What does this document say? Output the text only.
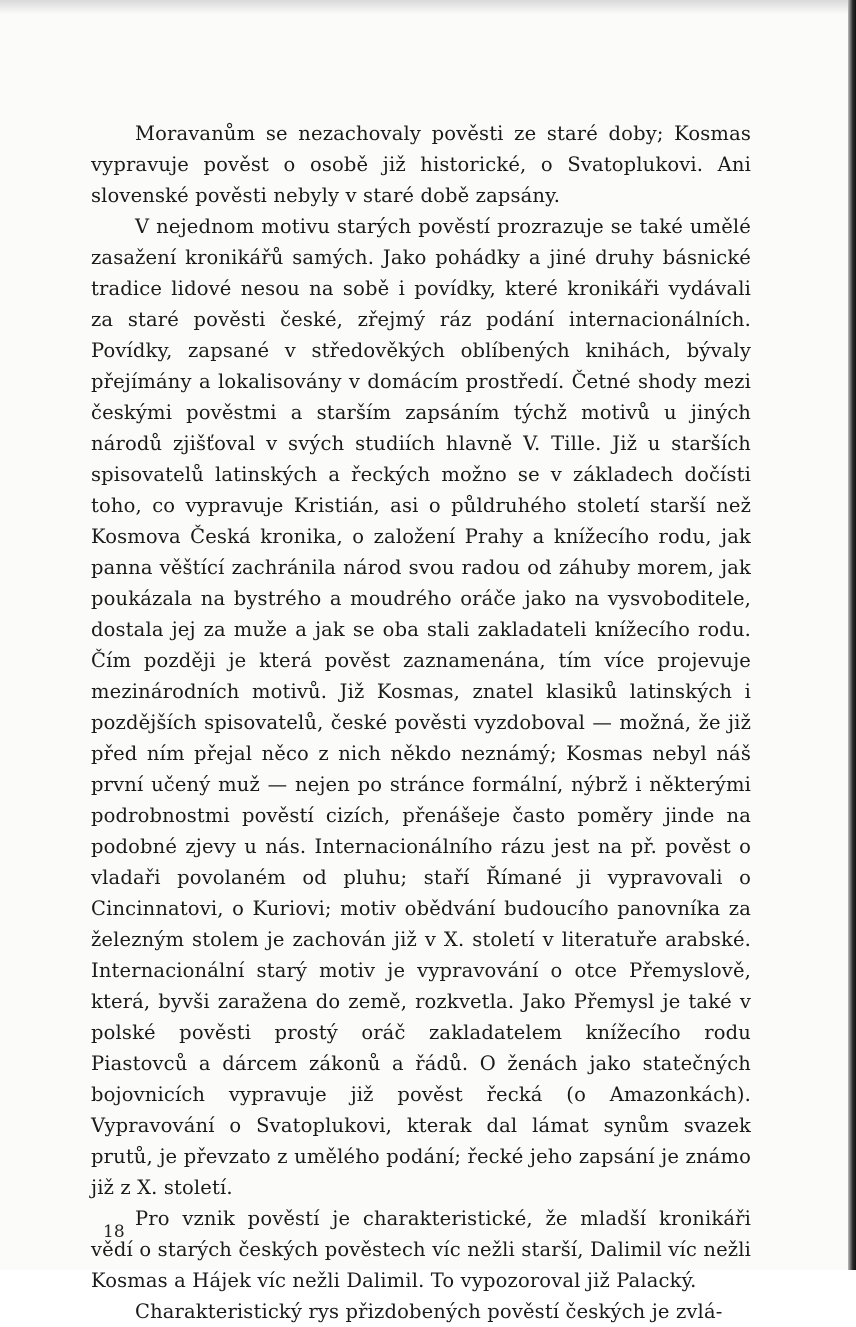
Moravanům se nezachovaly pověsti ze staré doby; Kosmas vypravuje pověst o osobě již historické, o Svatoplukovi. Ani slovenské pověsti nebyly v staré době zapsány.

V nejednom motivu starých pověstí prozrazuje se také umělé zasažení kronikářů samých. Jako pohádky a jiné druhy básnické tradice lidové nesou na sobě i povídky, které kronikáři vydávali za staré pověsti české, zřejmý ráz podání internacionálních. Povídky, zapsané v středověkých oblíbených knihách, bývaly přejímány a lokalisovány v domácím prostředí. Četné shody mezi českými pověstmi a starším zapsáním týchž motivů u jiných národů zjišťoval v svých studiích hlavně V. Tille. Již u starších spisovatelů latinských a řeckých možno se v základech dočísti toho, co vypravuje Kristián, asi o půldruhého století starší než Kosmova Česká kronika, o založení Prahy a knížecího rodu, jak panna věštící zachránila národ svou radou od záhuby morem, jak poukázala na bystrého a moudrého oráče jako na vysvoboditele, dostala jej za muže a jak se oba stali zakladateli knížecího rodu. Čím později je která pověst zaznamenána, tím více projevuje mezinárodních motivů. Již Kosmas, znatel klasiků latinských i pozdějších spisovatelů, české pověsti vyzdoboval — možná, že již před ním přejal něco z nich někdo neznámý; Kosmas nebyl náš první učený muž — nejen po stránce formální, nýbrž i některými podrobnostmi pověstí cizích, přenášeje často poměry jinde na podobné zjevy u nás. Internacionálního rázu jest na př. pověst o vladaři povolaném od pluhu; staří Římané ji vypravovali o Cincinnatovi, o Kuriovi; motiv obědvání budoucího panovníka za železným stolem je zachován již v X. století v literatuře arabské. Internacionální starý motiv je vypravování o otce Přemyslově, která, byvši zaražena do země, rozkvetla. Jako Přemysl je také v polské pověsti prostý oráč zakladatelem knížecího rodu Piastovců a dárcem zákonů a řádů. O ženách jako statečných bojovnicích vypravuje již pověst řecká (o Amazonkách). Vypravování o Svatoplukovi, kterak dal lámat synům svazek prutů, je převzato z umělého podání; řecké jeho zapsání je známo již z X. století.

Pro vznik pověstí je charakteristické, že mladší kronikáři vědí o starých českých pověstech víc nežli starší, Dalimil víc nežli Kosmas a Hájek víc nežli Dalimil. To vypozoroval již Palacký.

Charakteristický rys přizdobených pověstí českých je zvlá-

18
